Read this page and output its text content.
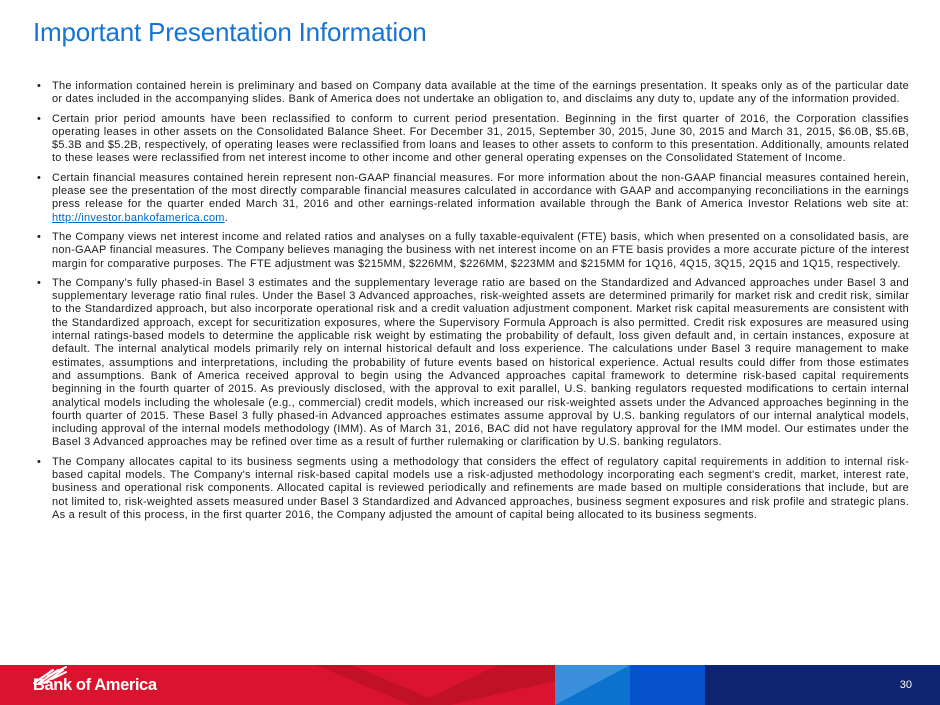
Important Presentation Information
• The information contained herein is preliminary and based on Company data available at the time of the earnings presentation. It speaks only as of the particular date or dates included in the accompanying slides. Bank of America does not undertake an obligation to, and disclaims any duty to, update any of the information provided.
• Certain prior period amounts have been reclassified to conform to current period presentation. Beginning in the first quarter of 2016, the Corporation classifies operating leases in other assets on the Consolidated Balance Sheet. For December 31, 2015, September 30, 2015, June 30, 2015 and March 31, 2015, $6.0B, $5.6B, $5.3B and $5.2B, respectively, of operating leases were reclassified from loans and leases to other assets to conform to this presentation. Additionally, amounts related to these leases were reclassified from net interest income to other income and other general operating expenses on the Consolidated Statement of Income.
• Certain financial measures contained herein represent non-GAAP financial measures. For more information about the non-GAAP financial measures contained herein, please see the presentation of the most directly comparable financial measures calculated in accordance with GAAP and accompanying reconciliations in the earnings press release for the quarter ended March 31, 2016 and other earnings-related information available through the Bank of America Investor Relations web site at: http://investor.bankofamerica.com.
• The Company views net interest income and related ratios and analyses on a fully taxable-equivalent (FTE) basis, which when presented on a consolidated basis, are non-GAAP financial measures. The Company believes managing the business with net interest income on an FTE basis provides a more accurate picture of the interest margin for comparative purposes. The FTE adjustment was $215MM, $226MM, $226MM, $223MM and $215MM for 1Q16, 4Q15, 3Q15, 2Q15 and 1Q15, respectively.
• The Company’s fully phased-in Basel 3 estimates and the supplementary leverage ratio are based on the Standardized and Advanced approaches under Basel 3 and supplementary leverage ratio final rules. Under the Basel 3 Advanced approaches, risk-weighted assets are determined primarily for market risk and credit risk, similar to the Standardized approach, but also incorporate operational risk and a credit valuation adjustment component. Market risk capital measurements are consistent with the Standardized approach, except for securitization exposures, where the Supervisory Formula Approach is also permitted. Credit risk exposures are measured using internal ratings-based models to determine the applicable risk weight by estimating the probability of default, loss given default and, in certain instances, exposure at default. The internal analytical models primarily rely on internal historical default and loss experience. The calculations under Basel 3 require management to make estimates, assumptions and interpretations, including the probability of future events based on historical experience. Actual results could differ from those estimates and assumptions. Bank of America received approval to begin using the Advanced approaches capital framework to determine risk-based capital requirements beginning in the fourth quarter of 2015. As previously disclosed, with the approval to exit parallel, U.S. banking regulators requested modifications to certain internal analytical models including the wholesale (e.g., commercial) credit models, which increased our risk-weighted assets under the Advanced approaches beginning in the fourth quarter of 2015. These Basel 3 fully phased-in Advanced approaches estimates assume approval by U.S. banking regulators of our internal analytical models, including approval of the internal models methodology (IMM). As of March 31, 2016, BAC did not have regulatory approval for the IMM model. Our estimates under the Basel 3 Advanced approaches may be refined over time as a result of further rulemaking or clarification by U.S. banking regulators.
• The Company allocates capital to its business segments using a methodology that considers the effect of regulatory capital requirements in addition to internal risk-based capital models. The Company's internal risk-based capital models use a risk-adjusted methodology incorporating each segment's credit, market, interest rate, business and operational risk components. Allocated capital is reviewed periodically and refinements are made based on multiple considerations that include, but are not limited to, risk-weighted assets measured under Basel 3 Standardized and Advanced approaches, business segment exposures and risk profile and strategic plans. As a result of this process, in the first quarter 2016, the Company adjusted the amount of capital being allocated to its business segments.
Bank of America	30
